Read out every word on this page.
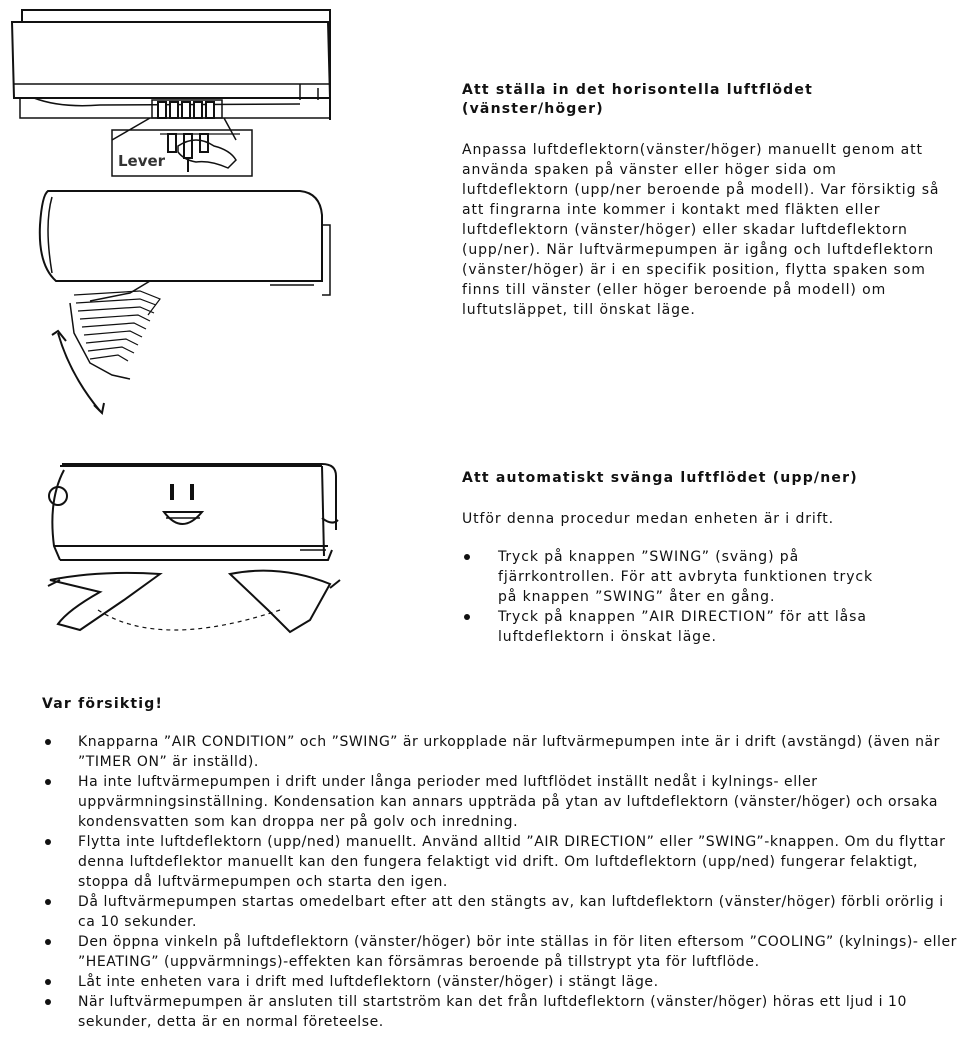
Lever
Att ställa in det horisontella luftflödet
(vänster/höger)
Anpassa luftdeflektorn(vänster/höger) manuellt genom att använda spaken på vänster eller höger sida om luftdeflektorn (upp/ner beroende på modell). Var försiktig så att fingrarna inte kommer i kontakt med fläkten eller luftdeflektorn (vänster/höger) eller skadar luftdeflektorn (upp/ner). När luftvärmepumpen är igång och luftdeflektorn (vänster/höger) är i en specifik position, flytta spaken som finns till vänster (eller höger beroende på modell) om luftutsläppet, till önskat läge.
Att automatiskt svänga luftflödet (upp/ner)
Utför denna procedur medan enheten är i drift.
Tryck på knappen ”SWING” (sväng) på fjärrkontrollen. För att avbryta funktionen tryck på knappen ”SWING” åter en gång.
Tryck på knappen ”AIR DIRECTION” för att låsa luftdeflektorn i önskat läge.
Var försiktig!
Knapparna ”AIR CONDITION” och ”SWING” är urkopplade när luftvärmepumpen inte är i drift (avstängd) (även när ”TIMER ON” är inställd).
Ha inte luftvärmepumpen i drift under långa perioder med luftflödet inställt nedåt i kylnings- eller uppvärmningsinställning. Kondensation kan annars uppträda på ytan av luftdeflektorn (vänster/höger) och orsaka kondensvatten som kan droppa ner på golv och inredning.
Flytta inte luftdeflektorn (upp/ned) manuellt. Använd alltid ”AIR DIRECTION” eller ”SWING”-knappen. Om du flyttar denna luftdeflektor manuellt kan den fungera felaktigt vid drift. Om luftdeflektorn (upp/ned) fungerar felaktigt, stoppa då luftvärmepumpen och starta den igen.
Då luftvärmepumpen startas omedelbart efter att den stängts av, kan luftdeflektorn (vänster/höger) förbli orörlig i ca 10 sekunder.
Den öppna vinkeln på luftdeflektorn (vänster/höger) bör inte ställas in för liten eftersom ”COOLING” (kylnings)- eller ”HEATING” (uppvärmnings)-effekten kan försämras beroende på tillstrypt yta för luftflöde.
Låt inte enheten vara i drift med luftdeflektorn (vänster/höger) i stängt läge.
När luftvärmepumpen är ansluten till startström kan det från luftdeflektorn (vänster/höger) höras ett ljud i 10 sekunder, detta är en normal företeelse.
